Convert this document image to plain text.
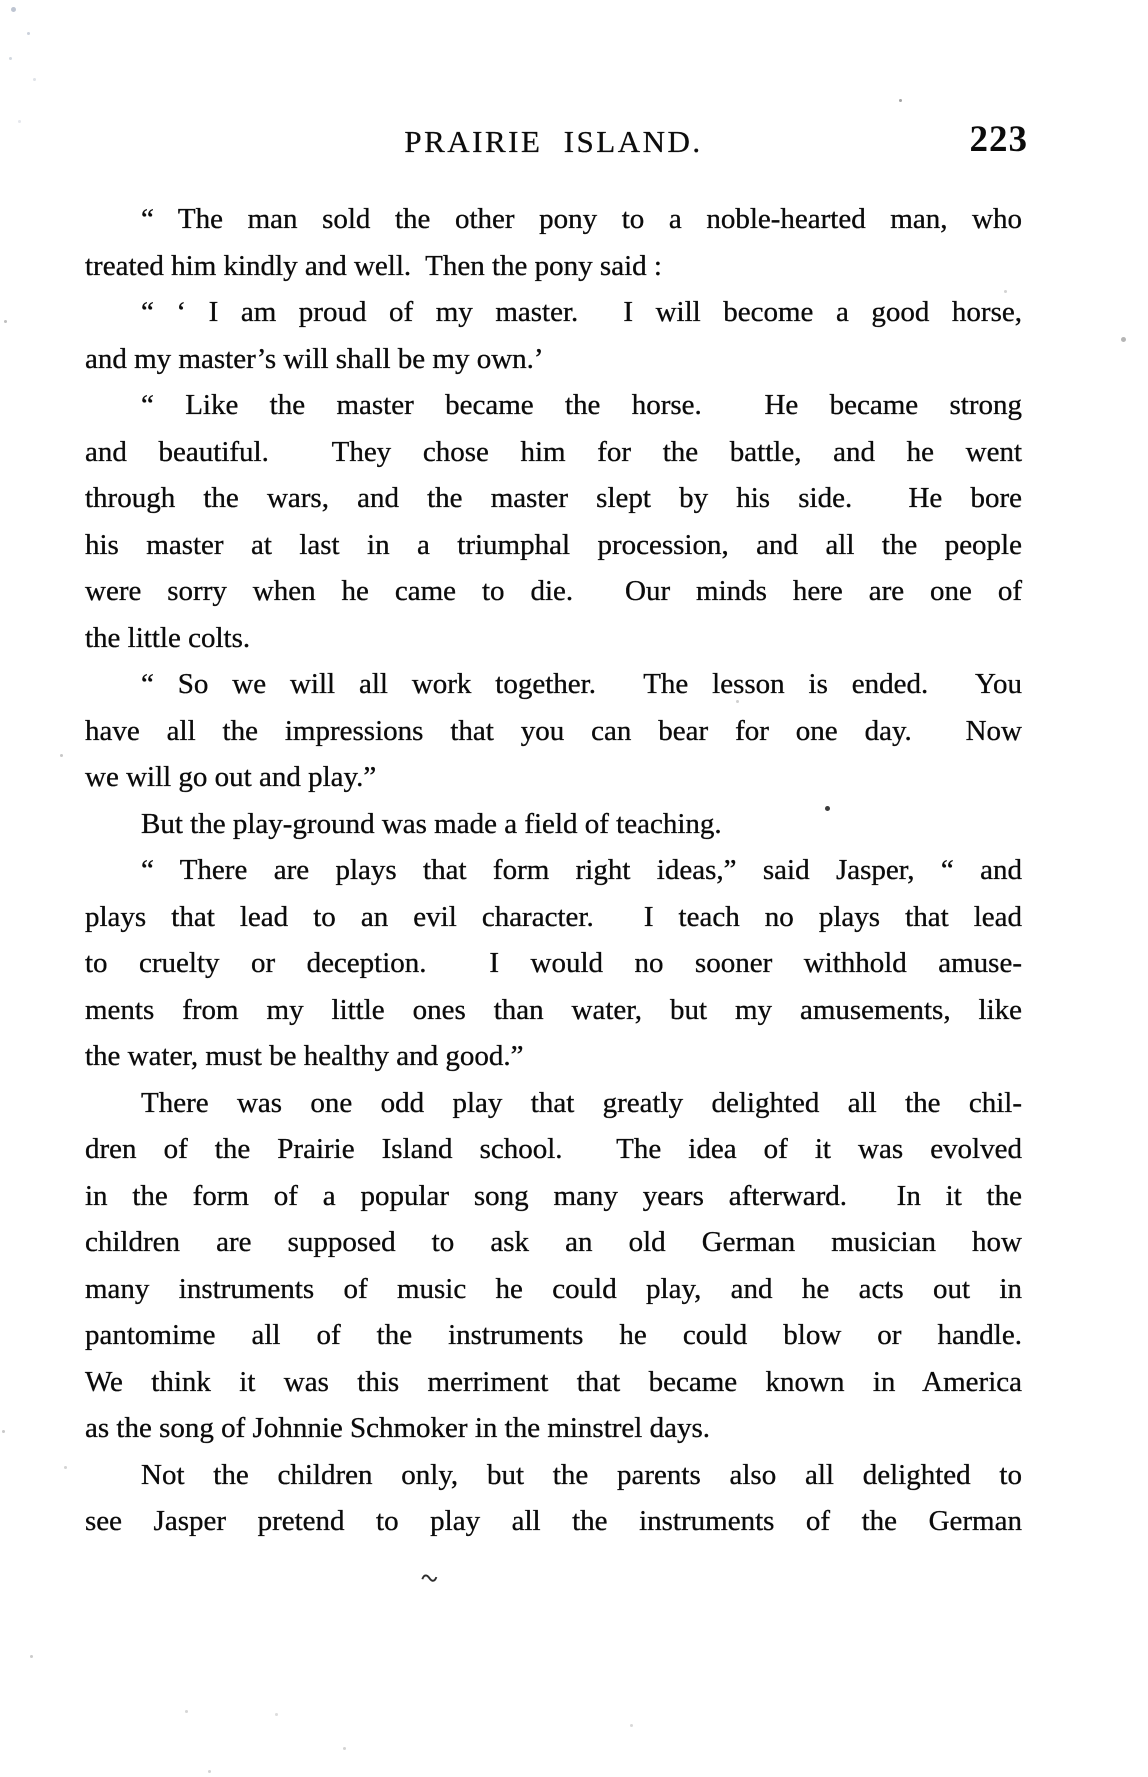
PRAIRIE ISLAND.	223
“ The man sold the other pony to a noble-hearted man, who
treated him kindly and well.  Then the pony said :
“ ‘ I am proud of my master.  I will become a good horse,
and my master’s will shall be my own.’
“ Like the master became the horse.  He became strong
and beautiful.  They chose him for the battle, and he went
through the wars, and the master slept by his side.  He bore
his master at last in a triumphal procession, and all the people
were sorry when he came to die.  Our minds here are one of
the little colts.
“ So we will all work together.  The lesson is ended.  You
have all the impressions that you can bear for one day.  Now
we will go out and play.”
But the play-ground was made a field of teaching.
“ There are plays that form right ideas,” said Jasper, “ and
plays that lead to an evil character.  I teach no plays that lead
to cruelty or deception.  I would no sooner withhold amuse-
ments from my little ones than water, but my amusements, like
the water, must be healthy and good.”
There was one odd play that greatly delighted all the chil-
dren of the Prairie Island school.  The idea of it was evolved
in the form of a popular song many years afterward.  In it the
children are supposed to ask an old German musician how
many instruments of music he could play, and he acts out in
pantomime all of the instruments he could blow or handle.
We think it was this merriment that became known in America
as the song of Johnnie Schmoker in the minstrel days.
Not the children only, but the parents also all delighted to
see Jasper pretend to play all the instruments of the German
~
